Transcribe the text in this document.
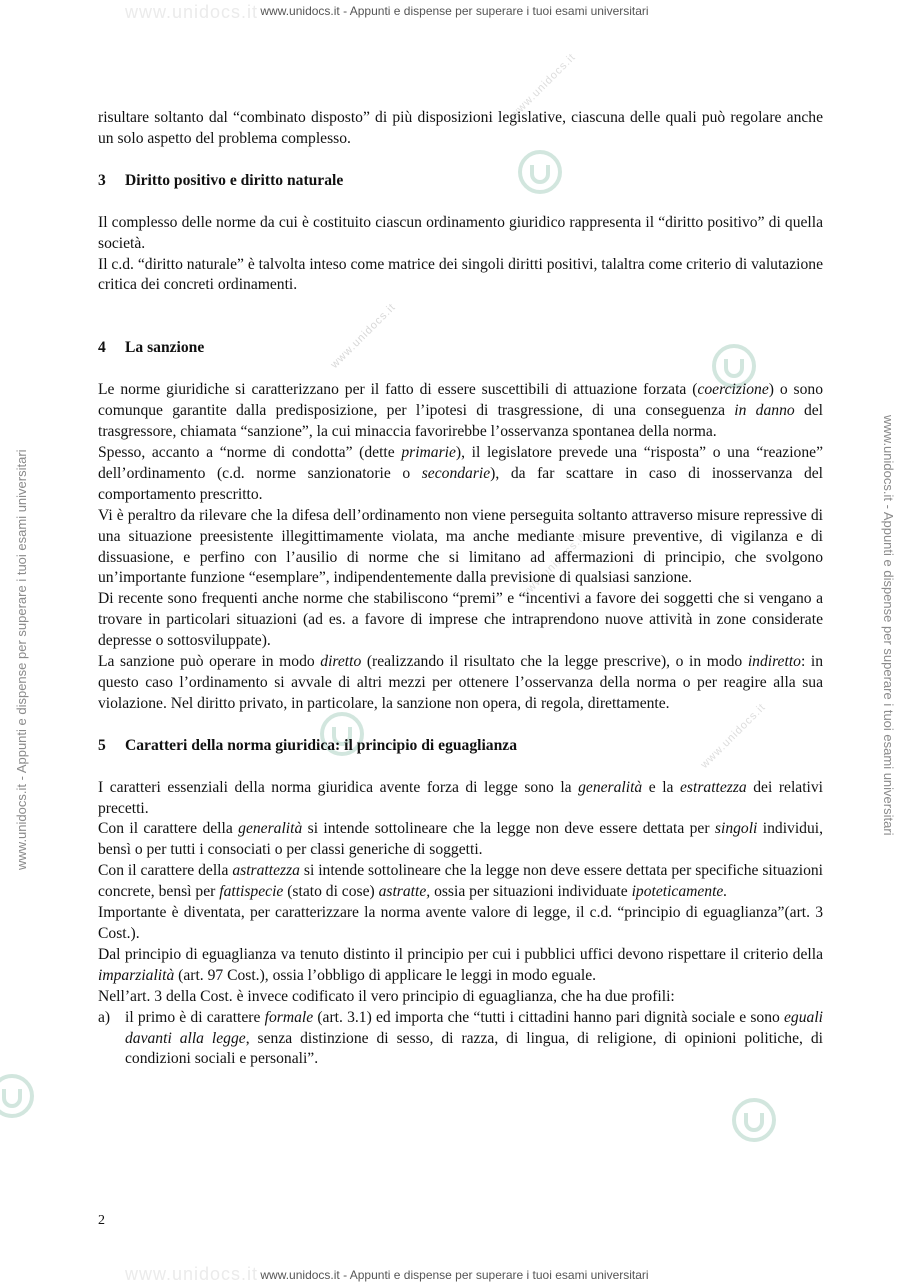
www.unidocs.it
www.unidocs.it
www.unidocs.it
www.unidocs.it
www.unidocs.it
www.unidocs.it
www.unidocs.it - Appunti e dispense per superare i tuoi esami universitari
www.unidocs.it - Appunti e dispense per superare i tuoi esami universitari
www.unidocs.it - Appunti e dispense per superare i tuoi esami universitari	www.unidocs.it - Appunti e dispense per superare i tuoi esami universitari

risultare soltanto dal “combinato disposto” di più disposizioni legislative, ciascuna delle quali può regolare anche un solo aspetto del problema complesso.

3 Diritto positivo e diritto naturale

Il complesso delle norme da cui è costituito ciascun ordinamento giuridico rappresenta il “diritto positivo” di quella società.

Il c.d. “diritto naturale” è talvolta inteso come matrice dei singoli diritti positivi, talaltra come criterio di valutazione critica dei concreti ordinamenti.

4 La sanzione

Le norme giuridiche si caratterizzano per il fatto di essere suscettibili di attuazione forzata (coercizione) o sono comunque garantite dalla predisposizione, per l’ipotesi di trasgressione, di una conseguenza in danno del trasgressore, chiamata “sanzione”, la cui minaccia favorirebbe l’osservanza spontanea della norma.

Spesso, accanto a “norme di condotta” (dette primarie), il legislatore prevede una “risposta” o una “reazione” dell’ordinamento (c.d. norme sanzionatorie o secondarie), da far scattare in caso di inosservanza del comportamento prescritto.

Vi è peraltro da rilevare che la difesa dell’ordinamento non viene perseguita soltanto attraverso misure repressive di una situazione preesistente illegittimamente violata, ma anche mediante misure preventive, di vigilanza e di dissuasione, e perfino con l’ausilio di norme che si limitano ad affermazioni di principio, che svolgono un’importante funzione “esemplare”, indipendentemente dalla previsione di qualsiasi sanzione.

Di recente sono frequenti anche norme che stabiliscono “premi” e “incentivi a favore dei soggetti che si vengano a trovare in particolari situazioni (ad es. a favore di imprese che intraprendono nuove attività in zone considerate depresse o sottosviluppate).

La sanzione può operare in modo diretto (realizzando il risultato che la legge prescrive), o in modo indiretto: in questo caso l’ordinamento si avvale di altri mezzi per ottenere l’osservanza della norma o per reagire alla sua violazione. Nel diritto privato, in particolare, la sanzione non opera, di regola, direttamente.

5 Caratteri della norma giuridica: il principio di eguaglianza

I caratteri essenziali della norma giuridica avente forza di legge sono la generalità e la estrattezza dei relativi precetti.

Con il carattere della generalità si intende sottolineare che la legge non deve essere dettata per singoli individui, bensì o per tutti i consociati o per classi generiche di soggetti.

Con il carattere della astrattezza si intende sottolineare che la legge non deve essere dettata per specifiche situazioni concrete, bensì per fattispecie (stato di cose) astratte, ossia per situazioni individuate ipoteticamente.

Importante è diventata, per caratterizzare la norma avente valore di legge, il c.d. “principio di eguaglianza”(art. 3 Cost.).

Dal principio di eguaglianza va tenuto distinto il principio per cui i pubblici uffici devono rispettare il criterio della imparzialità (art. 97 Cost.), ossia l’obbligo di applicare le leggi in modo eguale.

Nell’art. 3 della Cost. è invece codificato il vero principio di eguaglianza, che ha due profili:

a) il primo è di carattere formale (art. 3.1) ed importa che “tutti i cittadini hanno pari dignità sociale e sono eguali davanti alla legge, senza distinzione di sesso, di razza, di lingua, di religione, di opinioni politiche, di condizioni sociali e personali”.
2
